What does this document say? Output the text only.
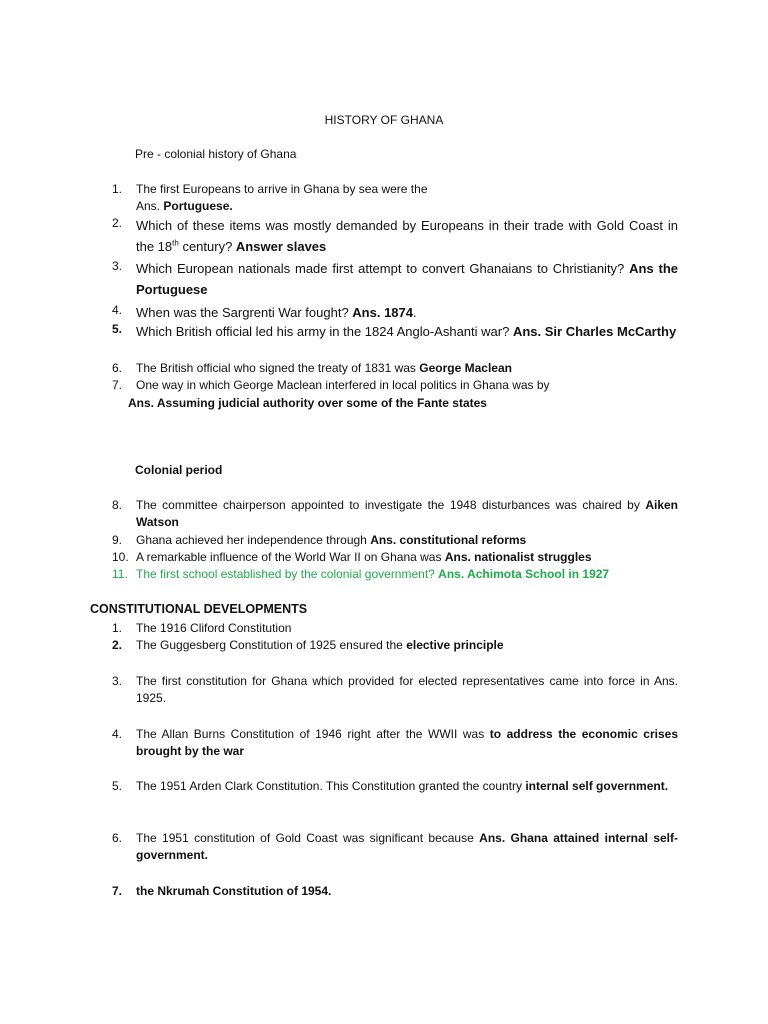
HISTORY OF GHANA
Pre - colonial history of Ghana
1.	The first Europeans to arrive in Ghana by sea were the
Ans. Portuguese.
2.	Which of these items was mostly demanded by Europeans in their trade with Gold Coast in the 18th century? Answer slaves
3.	Which European nationals made first attempt to convert Ghanaians to Christianity? Ans the Portuguese
4.	When was the Sargrenti War fought? Ans. 1874.
5.	Which British official led his army in the 1824 Anglo-Ashanti war? Ans. Sir Charles McCarthy
6.	The British official who signed the treaty of 1831 was George Maclean
7.	One way in which George Maclean interfered in local politics in Ghana was by
Ans. Assuming judicial authority over some of the Fante states
Colonial period
8.	The committee chairperson appointed to investigate the 1948 disturbances was chaired by Aiken Watson
9.	Ghana achieved her independence through Ans. constitutional reforms
10. A remarkable influence of the World War II on Ghana was Ans. nationalist struggles
11. The first school established by the colonial government? Ans. Achimota School in 1927
CONSTITUTIONAL DEVELOPMENTS
1.	The 1916 Cliford Constitution
2.	The Guggesberg Constitution of 1925 ensured the elective principle
3.	The first constitution for Ghana which provided for elected representatives came into force in Ans. 1925.
4.	The Allan Burns Constitution of 1946 right after the WWII was to address the economic crises brought by the war
5.	The 1951 Arden Clark Constitution. This Constitution granted the country internal self government.
6.	The 1951 constitution of Gold Coast was significant because Ans. Ghana attained internal self-government.
7.	the Nkrumah Constitution of 1954.
